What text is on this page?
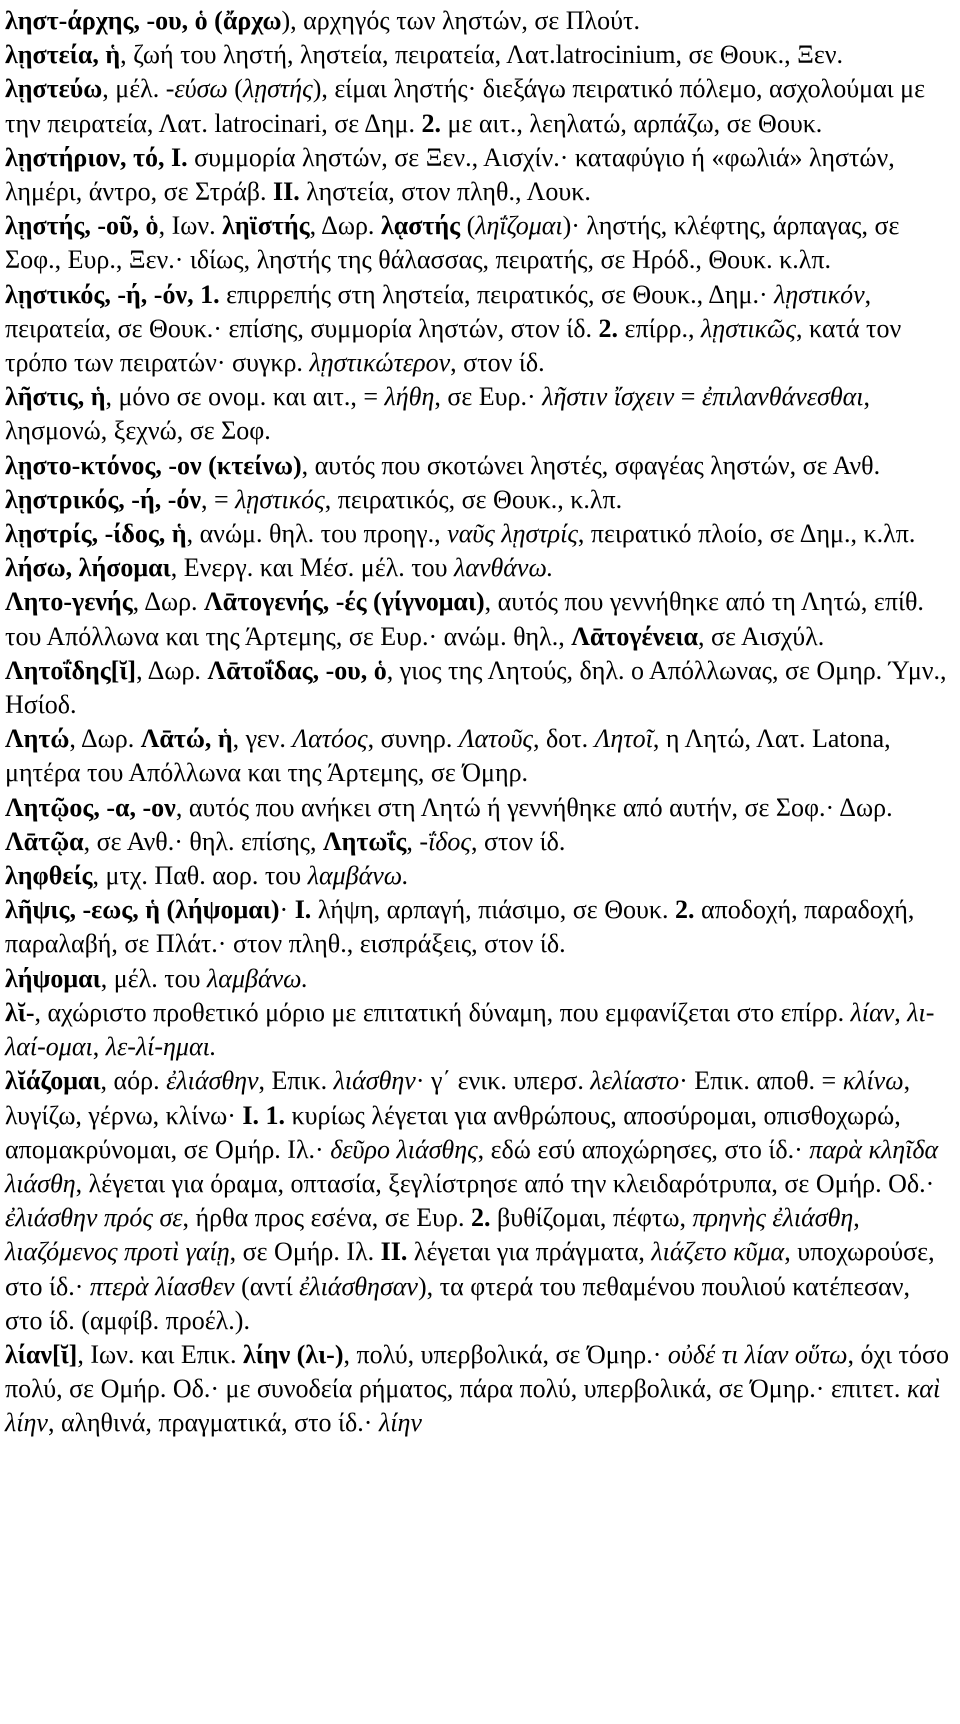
ληστ-άρχης, -ου, ὁ (ἄρχω), αρχηγός των ληστών, σε Πλούτ.

λῃστεία, ἡ, ζωή του ληστή, ληστεία, πειρατεία, Λατ.latrocinium, σε Θουκ., Ξεν.

λῃστεύω, μέλ. -εύσω (λῃστής), είμαι ληστής· διεξάγω πειρατικό πόλεμο, ασχολούμαι με την πειρατεία, Λατ. latrocinari, σε Δημ. 2. με αιτ., λεηλατώ, αρπάζω, σε Θουκ.

λῃστήριον, τό, I. συμμορία ληστών, σε Ξεν., Αισχίν.· καταφύγιο ή «φωλιά» ληστών, λημέρι, άντρο, σε Στράβ. II. ληστεία, στον πληθ., Λουκ.

λῃστής, -οῦ, ὁ, Ιων. ληϊστής, Δωρ. λᾳστής (ληΐζομαι)· ληστής, κλέφτης, άρπαγας, σε Σοφ., Ευρ., Ξεν.· ιδίως, ληστής της θάλασσας, πειρατής, σε Ηρόδ., Θουκ. κ.λπ.

λῃστικός, -ή, -όν, 1. επιρρεπής στη ληστεία, πειρατικός, σε Θουκ., Δημ.· λῃστικόν, πειρατεία, σε Θουκ.· επίσης, συμμορία ληστών, στον ίδ. 2. επίρρ., λῃστικῶς, κατά τον τρόπο των πειρατών· συγκρ. λῃστικώτερον, στον ίδ.

λῆστις, ἡ, μόνο σε ονομ. και αιτ., = λήθη, σε Ευρ.· λῆστιν ἴσχειν = ἐπιλανθάνεσθαι, λησμονώ, ξεχνώ, σε Σοφ.

λῃστο-κτόνος, -ον (κτείνω), αυτός που σκοτώνει ληστές, σφαγέας ληστών, σε Ανθ.

λῃστρικός, -ή, -όν, = λῃστικός, πειρατικός, σε Θουκ., κ.λπ.

λῃστρίς, -ίδος, ἡ, ανώμ. θηλ. του προηγ., ναῦς λῃστρίς, πειρατικό πλοίο, σε Δημ., κ.λπ.

λήσω, λήσομαι, Ενεργ. και Μέσ. μέλ. του λανθάνω.

Λητο-γενής, Δωρ. Λᾱτογενής, -ές (γίγνομαι), αυτός που γεννήθηκε από τη Λητώ, επίθ. του Απόλλωνα και της Άρτεμης, σε Ευρ.· ανώμ. θηλ., Λᾱτογένεια, σε Αισχύλ.

Λητοΐδης[ῐ], Δωρ. Λᾱτοΐδας, -ου, ὁ, γιος της Λητούς, δηλ. ο Απόλλωνας, σε Ομηρ. Ύμν., Ησίοδ.

Λητώ, Δωρ. Λᾱτώ, ἡ, γεν. Λατόος, συνηρ. Λατοῦς, δοτ. Λητοῖ, η Λητώ, Λατ. Latona, μητέρα του Απόλλωνα και της Άρτεμης, σε Όμηρ.

Λητῷος, -α, -ον, αυτός που ανήκει στη Λητώ ή γεννήθηκε από αυτήν, σε Σοφ.· Δωρ. Λᾱτῷα, σε Ανθ.· θηλ. επίσης, Λητωΐς, -ΐδος, στον ίδ.

ληφθείς, μτχ. Παθ. αορ. του λαμβάνω.

λῆψις, -εως, ἡ (λήψομαι)· I. λήψη, αρπαγή, πιάσιμο, σε Θουκ. 2. αποδοχή, παραδοχή, παραλαβή, σε Πλάτ.· στον πληθ., εισπράξεις, στον ίδ.

λήψομαι, μέλ. του λαμβάνω.

λῐ-, αχώριστο προθετικό μόριο με επιτατική δύναμη, που εμφανίζεται στο επίρρ. λίαν, λι-λαί-ομαι, λε-λί-ημαι.

λῐάζομαι, αόρ. ἐλιάσθην, Επικ. λιάσθην· γ΄ ενικ. υπερσ. λελίαστο· Επικ. αποθ. = κλίνω, λυγίζω, γέρνω, κλίνω· I. 1. κυρίως λέγεται για ανθρώπους, αποσύρομαι, οπισθοχωρώ, απομακρύνομαι, σε Ομήρ. Ιλ.· δεῦρο λιάσθης, εδώ εσύ αποχώρησες, στο ίδ.· παρὰ κληῖδα λιάσθη, λέγεται για όραμα, οπτασία, ξεγλίστρησε από την κλειδαρότρυπα, σε Ομήρ. Οδ.· ἐλιάσθην πρός σε, ήρθα πρoς εσένα, σε Ευρ. 2. βυθίζομαι, πέφτω, πρηνὴς ἐλιάσθη, λιαζόμενος προτὶ γαίῃ, σε Ομήρ. Ιλ. II. λέγεται για πράγματα, λιάζετο κῦμα, υποχωρούσε, στο ίδ.· πτερὰ λίασθεν (αντί ἐλιάσθησαν), τα φτερά του πεθαμένου πουλιού κατέπεσαν, στο ίδ. (αμφίβ. προέλ.).

λίαν[ῐ], Ιων. και Επικ. λίην (λι-), πολύ, υπερβολικά, σε Όμηρ.· οὐδέ τι λίαν οὕτω, όχι τόσο πολύ, σε Ομήρ. Οδ.· με συνοδεία ρήματος, πάρα πολύ, υπερβολικά, σε Όμηρ.· επιτετ. καὶ λίην, αληθινά, πραγματικά, στο ίδ.· λίην
